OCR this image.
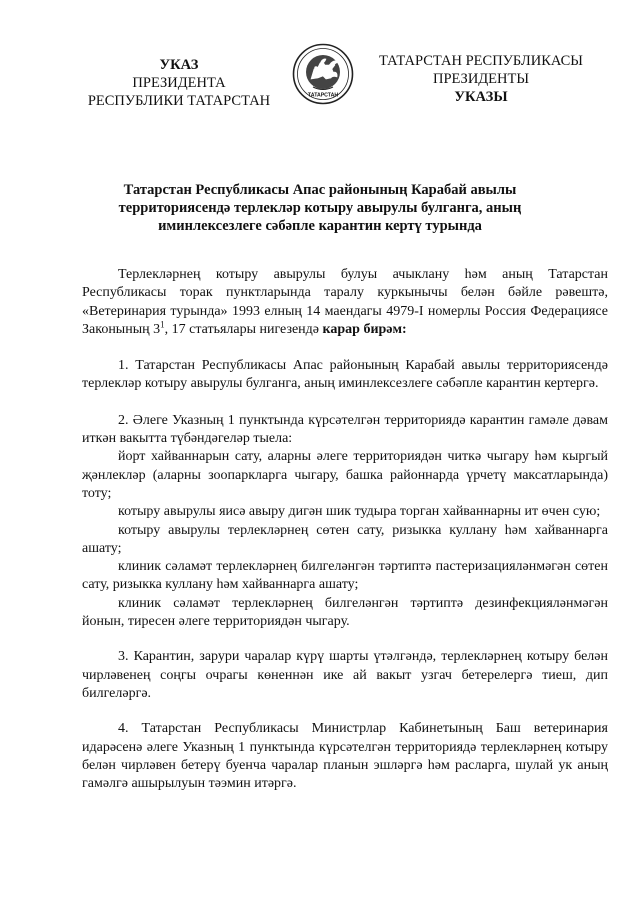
УКАЗ
ПРЕЗИДЕНТА
РЕСПУБЛИКИ ТАТАРСТАН	ТАТАРСТАН
ТАТАРСТАН РЕСПУБЛИКАСЫ
ПРЕЗИДЕНТЫ
УКАЗЫ
Татарстан Республикасы Апас районының Карабай авылы
территориясендә терлекләр котыру авырулы булганга, аның
иминлексезлеге сәбәпле карантин кертү турында

Терлекләрнең котыру авырулы булуы ачыклану һәм аның Татарстан Республикасы торак пунктларында таралу куркынычы белән бәйле рәвештә, «Ветеринария турында» 1993 елның 14 маендагы 4979-I номерлы Россия Федерациясе Законының $3^1$, 17 статьялары нигезендә карар бирәм:

1. Татарстан Республикасы Апас районының Карабай авылы территориясендә терлекләр котыру авырулы булганга, аның иминлексезлеге сәбәпле карантин кертергә.

2. Әлеге Указның 1 пунктында күрсәтелгән территориядә карантин гамәле дәвам иткән вакытта түбәндәгеләр тыела:

йорт хайваннарын сату, аларны әлеге территориядән читкә чыгару һәм кыргый җәнлекләр (аларны зоопаркларга чыгару, башка районнарда үрчетү максатларында) тоту;

котыру авырулы яисә авыру дигән шик тудыра торган хайваннарны ит өчен сую;

котыру авырулы терлекләрнең сөтен сату, ризыкка куллану һәм хайваннарга ашату;

клиник сәламәт терлекләрнең билгеләнгән тәртиптә пастеризацияләнмәгән сөтен сату, ризыкка куллану һәм хайваннарга ашату;

клиник сәламәт терлекләрнең билгеләнгән тәртиптә дезинфекцияләнмәгән йонын, тиресен әлеге территориядән чыгару.

3. Карантин, зарури чаралар күрү шарты үтәлгәндә, терлекләрнең котыру белән чирләвенең соңгы очрагы көненнән ике ай вакыт узгач бетерелергә тиеш, дип билгеләргә.

4. Татарстан Республикасы Министрлар Кабинетының Баш ветеринария идарәсенә әлеге Указның 1 пунктында күрсәтелгән территориядә терлекләрнең котыру белән чирләвен бетерү буенча чаралар планын эшләргә һәм расларга, шулай ук аның гамәлгә ашырылуын тәэмин итәргә.
